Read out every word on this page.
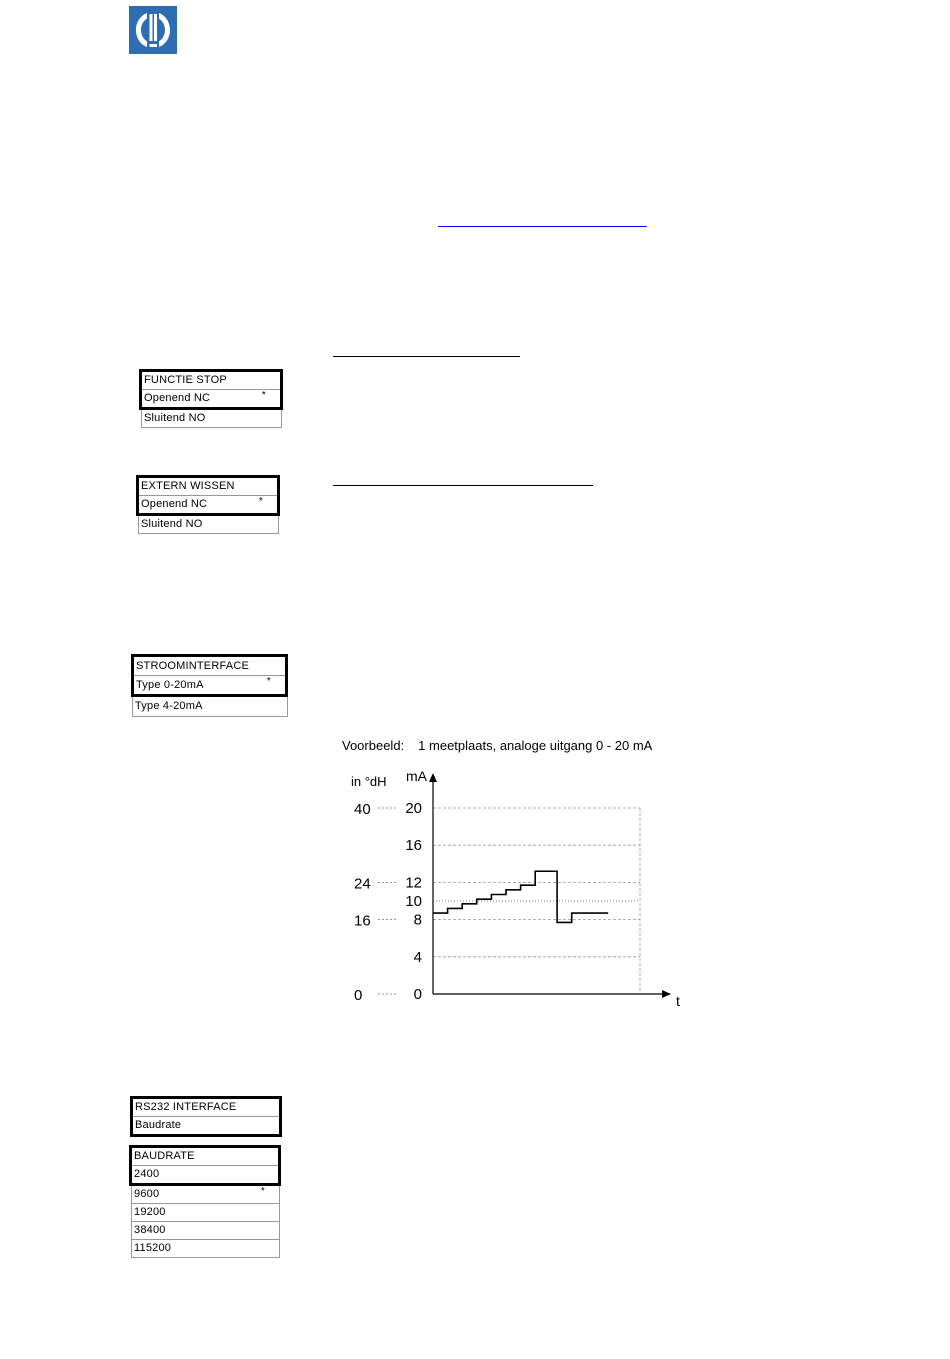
FUNCTIE STOP
Openend NC	*
Sluitend NO
EXTERN WISSEN
Openend NC	*
Sluitend NO
STROOMINTERFACE
Type 0-20mA	*
Type 4-20mA
Voorbeeld: 1 meetplaats, analoge uitgang 0 - 20 mA
0
4
8
10
12
16
20
40
24
16
0
mA
in °dH
t
RS232 INTERFACE
Baudrate
BAUDRATE
2400
9600	*
19200
38400
115200
